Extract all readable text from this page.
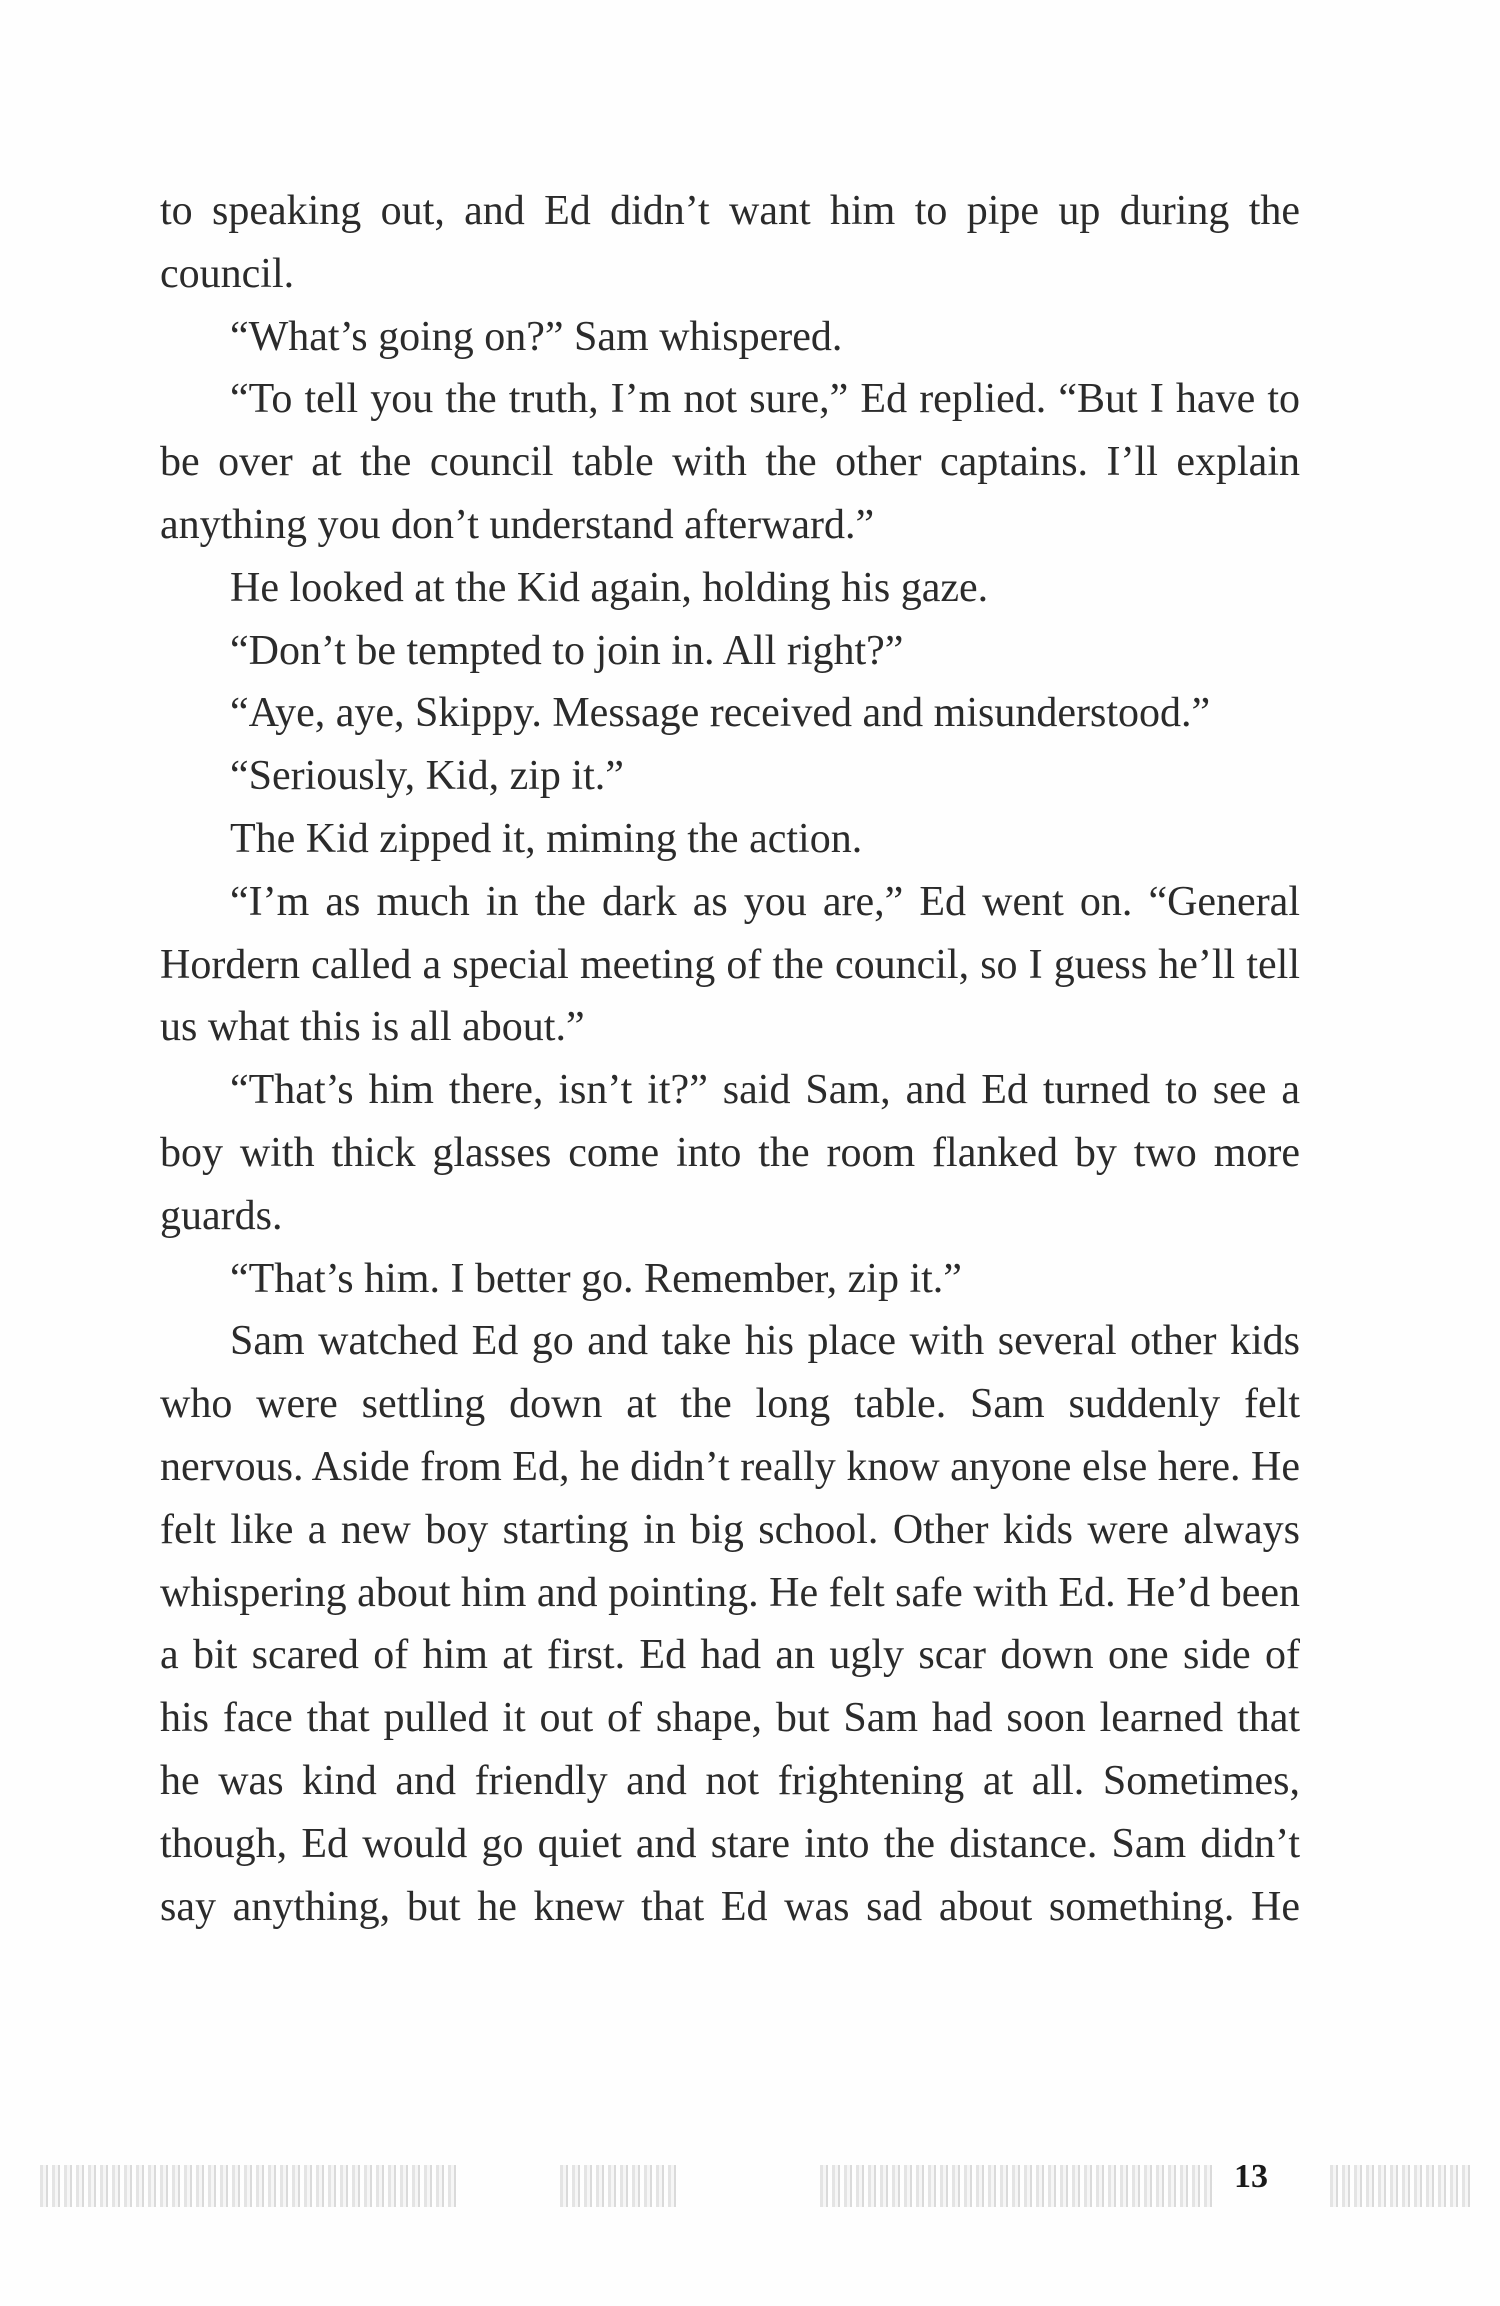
to speaking out, and Ed didn’t want him to pipe up during the council.

“What’s going on?” Sam whispered.

“To tell you the truth, I’m not sure,” Ed replied. “But I have to be over at the council table with the other captains. I’ll explain anything you don’t understand afterward.”

He looked at the Kid again, holding his gaze.

“Don’t be tempted to join in. All right?”

“Aye, aye, Skippy. Message received and misunderstood.”

“Seriously, Kid, zip it.”

The Kid zipped it, miming the action.

“I’m as much in the dark as you are,” Ed went on. “General Hordern called a special meeting of the council, so I guess he’ll tell us what this is all about.”

“That’s him there, isn’t it?” said Sam, and Ed turned to see a boy with thick glasses come into the room flanked by two more guards.

“That’s him. I better go. Remember, zip it.”

Sam watched Ed go and take his place with several other kids who were settling down at the long table. Sam suddenly felt nervous. Aside from Ed, he didn’t really know anyone else here. He felt like a new boy starting in big school. Other kids were always whispering about him and pointing. He felt safe with Ed. He’d been a bit scared of him at first. Ed had an ugly scar down one side of his face that pulled it out of shape, but Sam had soon learned that he was kind and friendly and not frightening at all. Sometimes, though, Ed would go quiet and stare into the distance. Sam didn’t say anything, but he knew that Ed was sad about something. He

13
